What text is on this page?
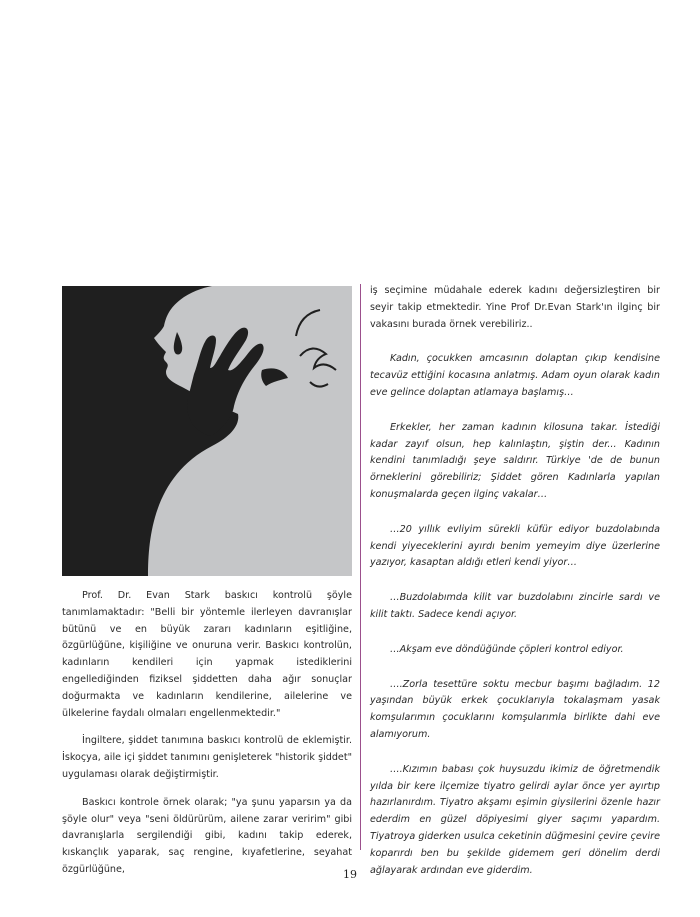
Prof. Dr. Evan Stark baskıcı kontrolü şöyle tanımlamaktadır: "Belli bir yöntemle ilerleyen davranışlar bütünü ve en büyük zararı kadınların eşitliğine, özgürlüğüne, kişiliğine ve onuruna verir. Baskıcı kontrolün, kadınların kendileri için yapmak istediklerini engellediğinden fiziksel şiddetten daha ağır sonuçlar doğurmakta ve kadınların kendilerine, ailelerine ve ülkelerine faydalı olmaları engellenmektedir."

İngiltere, şiddet tanımına baskıcı kontrolü de eklemiştir. İskoçya, aile içi şiddet tanımını genişleterek "historik şiddet" uygulaması olarak değiştirmiştir.

Baskıcı kontrole örnek olarak; "ya şunu yaparsın ya da şöyle olur" veya "seni öldürürüm, ailene zarar veririm" gibi davranışlarla sergilendiği gibi, kadını takip ederek, kıskançlık yaparak, saç rengine, kıyafetlerine, seyahat özgürlüğüne,

iş seçimine müdahale ederek kadını değersizleştiren bir seyir takip etmektedir. Yine Prof Dr.Evan Stark'ın ilginç bir vakasını burada örnek verebiliriz..

Kadın, çocukken amcasının dolaptan çıkıp kendisine tecavüz ettiğini kocasına anlatmış. Adam oyun olarak kadın eve gelince dolaptan atlamaya başlamış…

Erkekler, her zaman kadının kilosuna takar. İstediği kadar zayıf olsun, hep kalınlaştın, şiştin der... Kadının kendini tanımladığı şeye saldırır. Türkiye 'de de bunun örneklerini görebiliriz; Şiddet gören Kadınlarla yapılan konuşmalarda geçen ilginç vakalar…

…20 yıllık evliyim sürekli küfür ediyor buzdolabında kendi yiyeceklerini ayırdı benim yemeyim diye üzerlerine yazıyor, kasaptan aldığı etleri kendi yiyor…

…Buzdolabımda kilit var buzdolabını zincirle sardı ve kilit taktı. Sadece kendi açıyor.

…Akşam eve döndüğünde çöpleri kontrol ediyor.

….Zorla tesettüre soktu mecbur başımı bağladım. 12 yaşından büyük erkek çocuklarıyla tokalaşmam yasak komşularımın çocuklarını komşularımla birlikte dahi eve alamıyorum.

….Kızımın babası çok huysuzdu ikimiz de öğretmendik yılda bir kere ilçemize tiyatro gelirdi aylar önce yer ayırtıp hazırlanırdım. Tiyatro akşamı eşimin giysilerini özenle hazır ederdim en güzel döpiyesimi giyer saçımı yapardım. Tiyatroya giderken usulca ceketinin düğmesini çevire çevire koparırdı ben bu şekilde gidemem geri dönelim derdi ağlayarak ardından eve giderdim.

19
